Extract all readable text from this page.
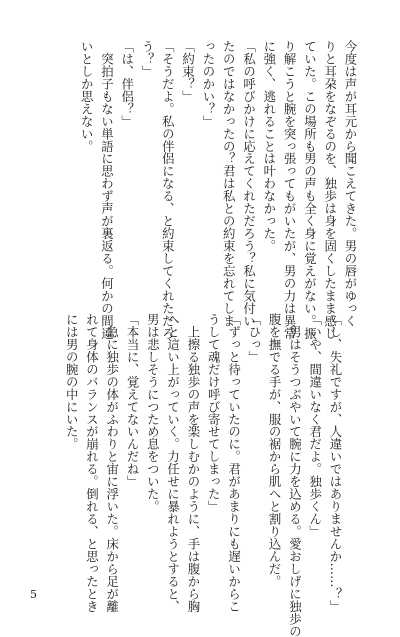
今度は声が耳元から聞こえてきた。男の唇がゆっく
りと耳朶をなぞるのを、独歩は身を固くしたまま感じ
ていた。この場所も男の声も全く身に覚えがない。振
り解こうと腕を突っ張ってもがいたが、男の力は異常
に強く、逃れることは叶わなかった。
「私の呼びかけに応えてくれただろう？私に気付い
たのではなかったの？君は私との約束を忘れてしま
ったのかい？」
「約束？」
「そうだよ。私の伴侶になる、と約束してくれただろ
う？」
「は、伴侶？」
　突拍子もない単語に思わず声が裏返る。何かの間違
いとしか思えない。
「し、失礼ですが、人違いではありませんか……？」
「いや、間違いなく君だよ。独歩くん」
　男はそうつぶやいて腕に力を込める。愛おしげに独歩の
腹を撫でる手が、服の裾から肌へと割り込んだ。
「ひっ」
「ずっと待っていたのに。君があまりにも遅いからこ
うして魂だけ呼び寄せてしまった」
　上擦る独歩の声を楽しむかのように、手は腹から胸
へと這い上がっていく。力任せに暴れようとすると、
男は悲しそうにつため息をついた。
「本当に、覚えてないんだね」
　急に独歩の体がふわりと宙に浮いた。床から足が離
れて身体のバランスが崩れる。倒れる、と思ったとき
には男の腕の中にいた。
5
